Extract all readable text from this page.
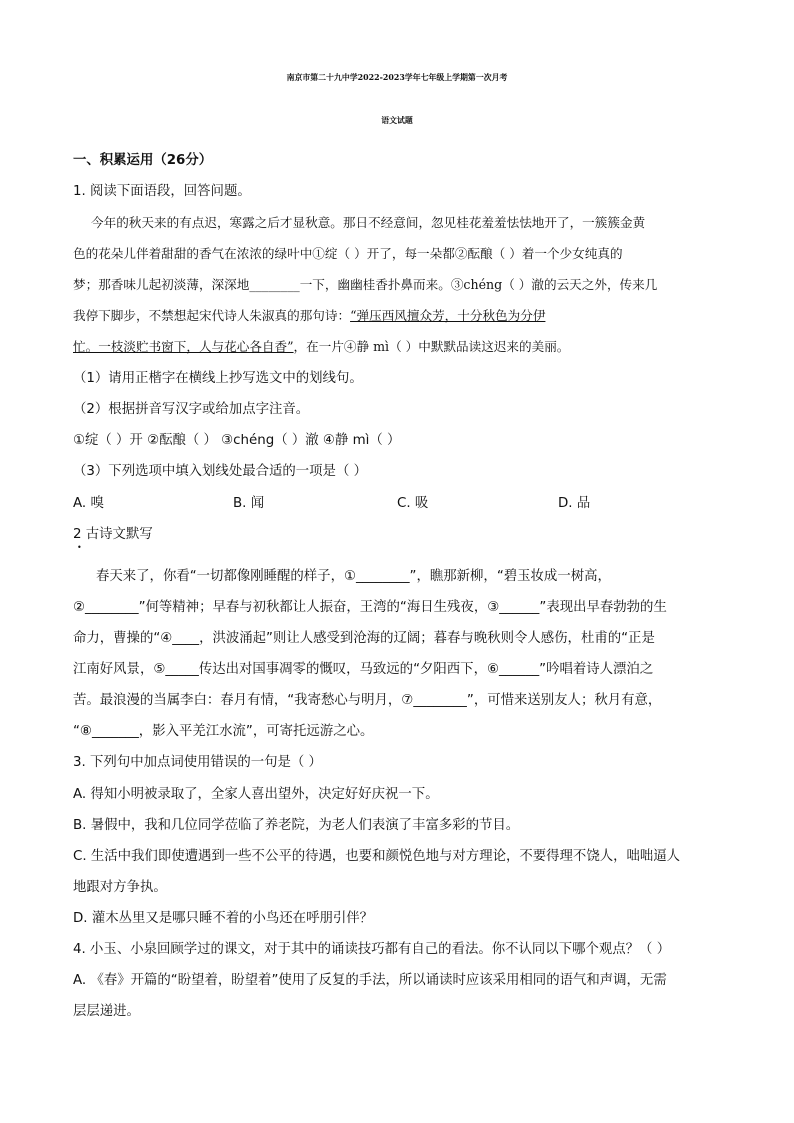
南京市第二十九中学2022-2023学年七年级上学期第一次月考
语文试题
一、积累运用（26分）
1. 阅读下面语段，回答问题。
今年的秋天来的有点迟，寒露之后才显秋意。那日不经意间，忽见桂花羞羞怯怯地开了，一簇簇金黄
色的花朵儿伴着甜甜的香气在浓浓的绿叶中①绽（ ）开了，每一朵都②酝酿（ ）着一个少女纯真的
梦；那香味儿起初淡薄，深深地________一下，幽幽桂香扑鼻而来。③chéng（ ）澈的云天之外，传来几
我停下脚步，不禁想起宋代诗人朱淑真的那句诗：“弹压西风擅众芳，十分秋色为分伊
忙。一枝淡贮书窗下，人与花心各自香”，在一片④静 mì（ ）中默默品读这迟来的美丽。
（1）请用正楷字在横线上抄写选文中的划线句。
（2）根据拼音写汉字或给加点字注音。
①绽（ ）开 ②酝酿（ ） ③chéng（ ）澈 ④静 mì（ ）
（3）下列选项中填入划线处最合适的一项是（ ）
A. 嗅	B. 闻	C. 吸	D. 品
2 古诗文默写
•
春天来了，你看“一切都像刚睡醒的样子，①________”，瞧那新柳，“碧玉妆成一树高，
②________”何等精神；早春与初秋都让人振奋，王湾的“海日生残夜，③______”表现出早春勃勃的生
命力，曹操的“④____，洪波涌起”则让人感受到沧海的辽阔；暮春与晚秋则令人感伤，杜甫的“正是
江南好风景，⑤_____传达出对国事凋零的慨叹，马致远的“夕阳西下，⑥______”吟唱着诗人漂泊之
苦。最浪漫的当属李白：春月有情，“我寄愁心与明月，⑦________”，可惜来送别友人；秋月有意，
“⑧_______，影入平羌江水流”，可寄托远游之心。
3. 下列句中加点词使用错误的一句是（ ）
A. 得知小明被录取了，全家人喜出望外，决定好好庆祝一下。
B. 暑假中，我和几位同学莅临了养老院，为老人们表演了丰富多彩的节目。
C. 生活中我们即使遭遇到一些不公平的待遇，也要和颜悦色地与对方理论，不要得理不饶人，咄咄逼人
地跟对方争执。
D. 灌木丛里又是哪只睡不着的小鸟还在呼朋引伴？
4. 小玉、小泉回顾学过的课文，对于其中的诵读技巧都有自己的看法。你不认同以下哪个观点？（ ）
A. 《春》开篇的“盼望着，盼望着”使用了反复的手法，所以诵读时应该采用相同的语气和声调，无需
层层递进。
